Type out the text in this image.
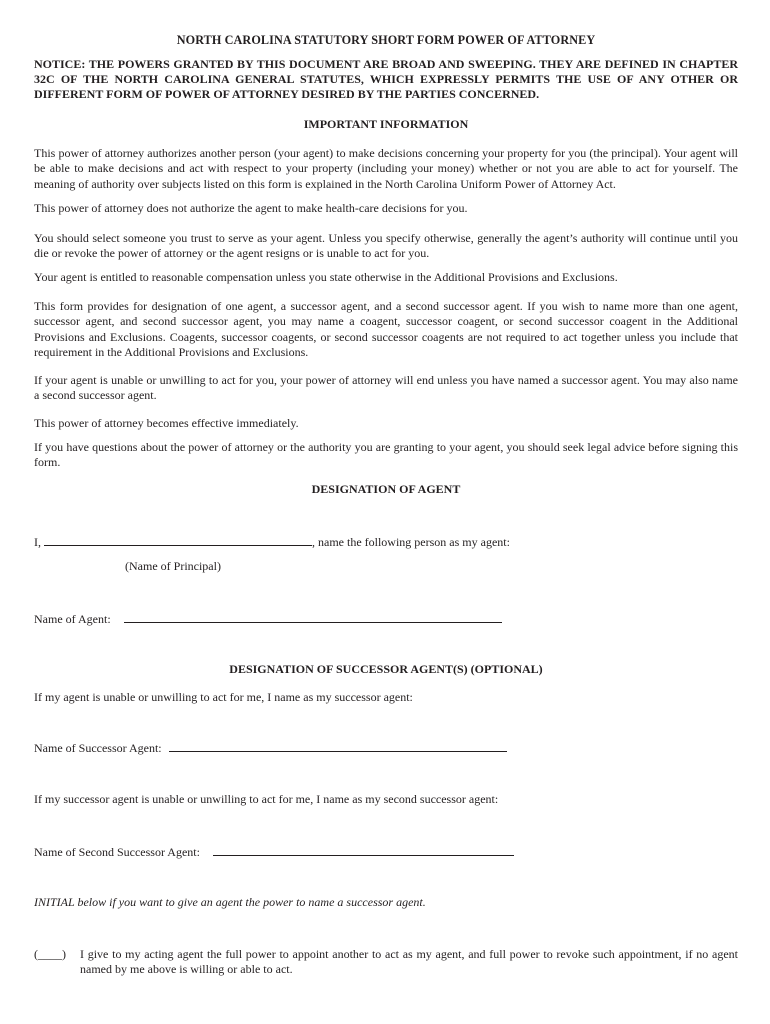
NORTH CAROLINA STATUTORY SHORT FORM POWER OF ATTORNEY
NOTICE: THE POWERS GRANTED BY THIS DOCUMENT ARE BROAD AND SWEEPING. THEY ARE DEFINED IN CHAPTER 32C OF THE NORTH CAROLINA GENERAL STATUTES, WHICH EXPRESSLY PERMITS THE USE OF ANY OTHER OR DIFFERENT FORM OF POWER OF ATTORNEY DESIRED BY THE PARTIES CONCERNED.
IMPORTANT INFORMATION

This power of attorney authorizes another person (your agent) to make decisions concerning your property for you (the principal). Your agent will be able to make decisions and act with respect to your property (including your money) whether or not you are able to act for yourself. The meaning of authority over subjects listed on this form is explained in the North Carolina Uniform Power of Attorney Act.

This power of attorney does not authorize the agent to make health-care decisions for you.

You should select someone you trust to serve as your agent. Unless you specify otherwise, generally the agent’s authority will continue until you die or revoke the power of attorney or the agent resigns or is unable to act for you.

Your agent is entitled to reasonable compensation unless you state otherwise in the Additional Provisions and Exclusions.

This form provides for designation of one agent, a successor agent, and a second successor agent. If you wish to name more than one agent, successor agent, and second successor agent, you may name a coagent, successor coagent, or second successor coagent in the Additional Provisions and Exclusions. Coagents, successor coagents, or second successor coagents are not required to act together unless you include that requirement in the Additional Provisions and Exclusions.

If your agent is unable or unwilling to act for you, your power of attorney will end unless you have named a successor agent. You may also name a second successor agent.

This power of attorney becomes effective immediately.

If you have questions about the power of attorney or the authority you are granting to your agent, you should seek legal advice before signing this form.

DESIGNATION OF AGENT
I,	, name the following person as my agent:
(Name of Principal)
Name of Agent:
DESIGNATION OF SUCCESSOR AGENT(S) (OPTIONAL)
If my agent is unable or unwilling to act for me, I name as my successor agent:
Name of Successor Agent:
If my successor agent is unable or unwilling to act for me, I name as my second successor agent:
Name of Second Successor Agent:
INITIAL below if you want to give an agent the power to name a successor agent.
(____) I give to my acting agent the full power to appoint another to act as my agent, and full power to revoke such appointment, if no agent named by me above is willing or able to act.
